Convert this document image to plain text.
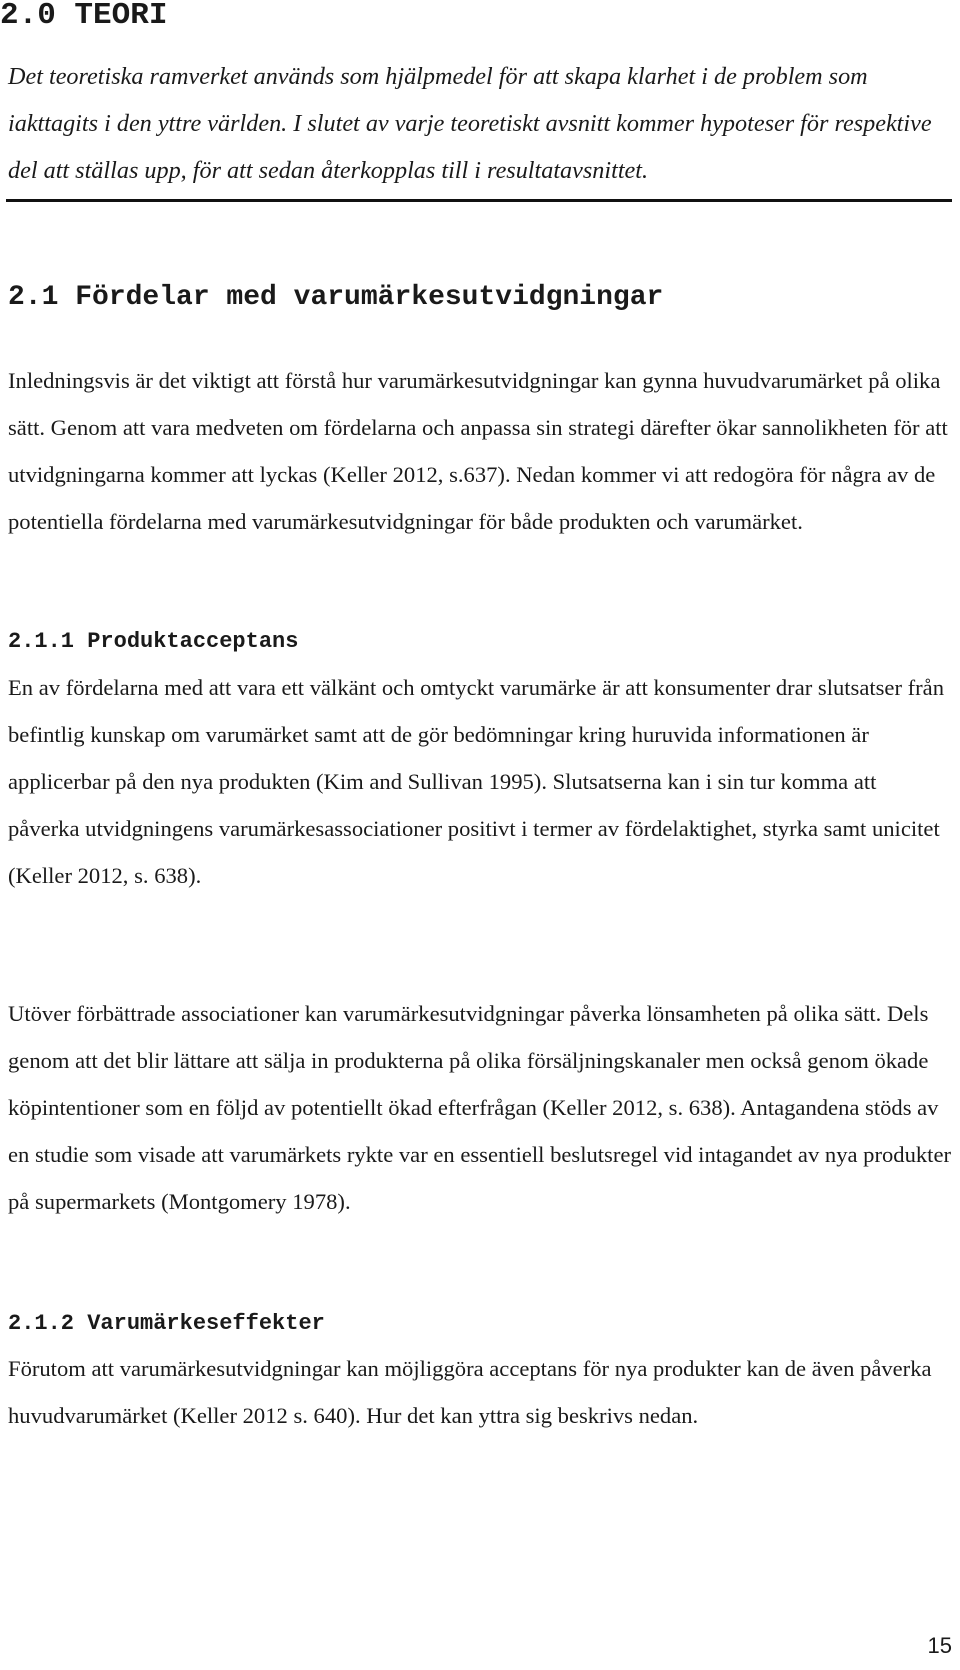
2.0 TEORI

Det teoretiska ramverket används som hjälpmedel för att skapa klarhet i de problem som iakttagits i den yttre världen. I slutet av varje teoretiskt avsnitt kommer hypoteser för respektive del att ställas upp, för att sedan återkopplas till i resultatavsnittet.

2.1 Fördelar med varumärkesutvidgningar

Inledningsvis är det viktigt att förstå hur varumärkesutvidgningar kan gynna huvudvarumärket på olika sätt. Genom att vara medveten om fördelarna och anpassa sin strategi därefter ökar sannolikheten för att utvidgningarna kommer att lyckas (Keller 2012, s.637). Nedan kommer vi att redogöra för några av de potentiella fördelarna med varumärkesutvidgningar för både produkten och varumärket.

2.1.1 Produktacceptans

En av fördelarna med att vara ett välkänt och omtyckt varumärke är att konsumenter drar slutsatser från befintlig kunskap om varumärket samt att de gör bedömningar kring huruvida informationen är applicerbar på den nya produkten (Kim and Sullivan 1995). Slutsatserna kan i sin tur komma att påverka utvidgningens varumärkesassociationer positivt i termer av fördelaktighet, styrka samt unicitet (Keller 2012, s. 638).

Utöver förbättrade associationer kan varumärkesutvidgningar påverka lönsamheten på olika sätt. Dels genom att det blir lättare att sälja in produkterna på olika försäljningskanaler men också genom ökade köpintentioner som en följd av potentiellt ökad efterfrågan (Keller 2012, s. 638). Antagandena stöds av en studie som visade att varumärkets rykte var en essentiell beslutsregel vid intagandet av nya produkter på supermarkets (Montgomery 1978).

2.1.2 Varumärkeseffekter

Förutom att varumärkesutvidgningar kan möjliggöra acceptans för nya produkter kan de även påverka huvudvarumärket (Keller 2012 s. 640). Hur det kan yttra sig beskrivs nedan.

15
